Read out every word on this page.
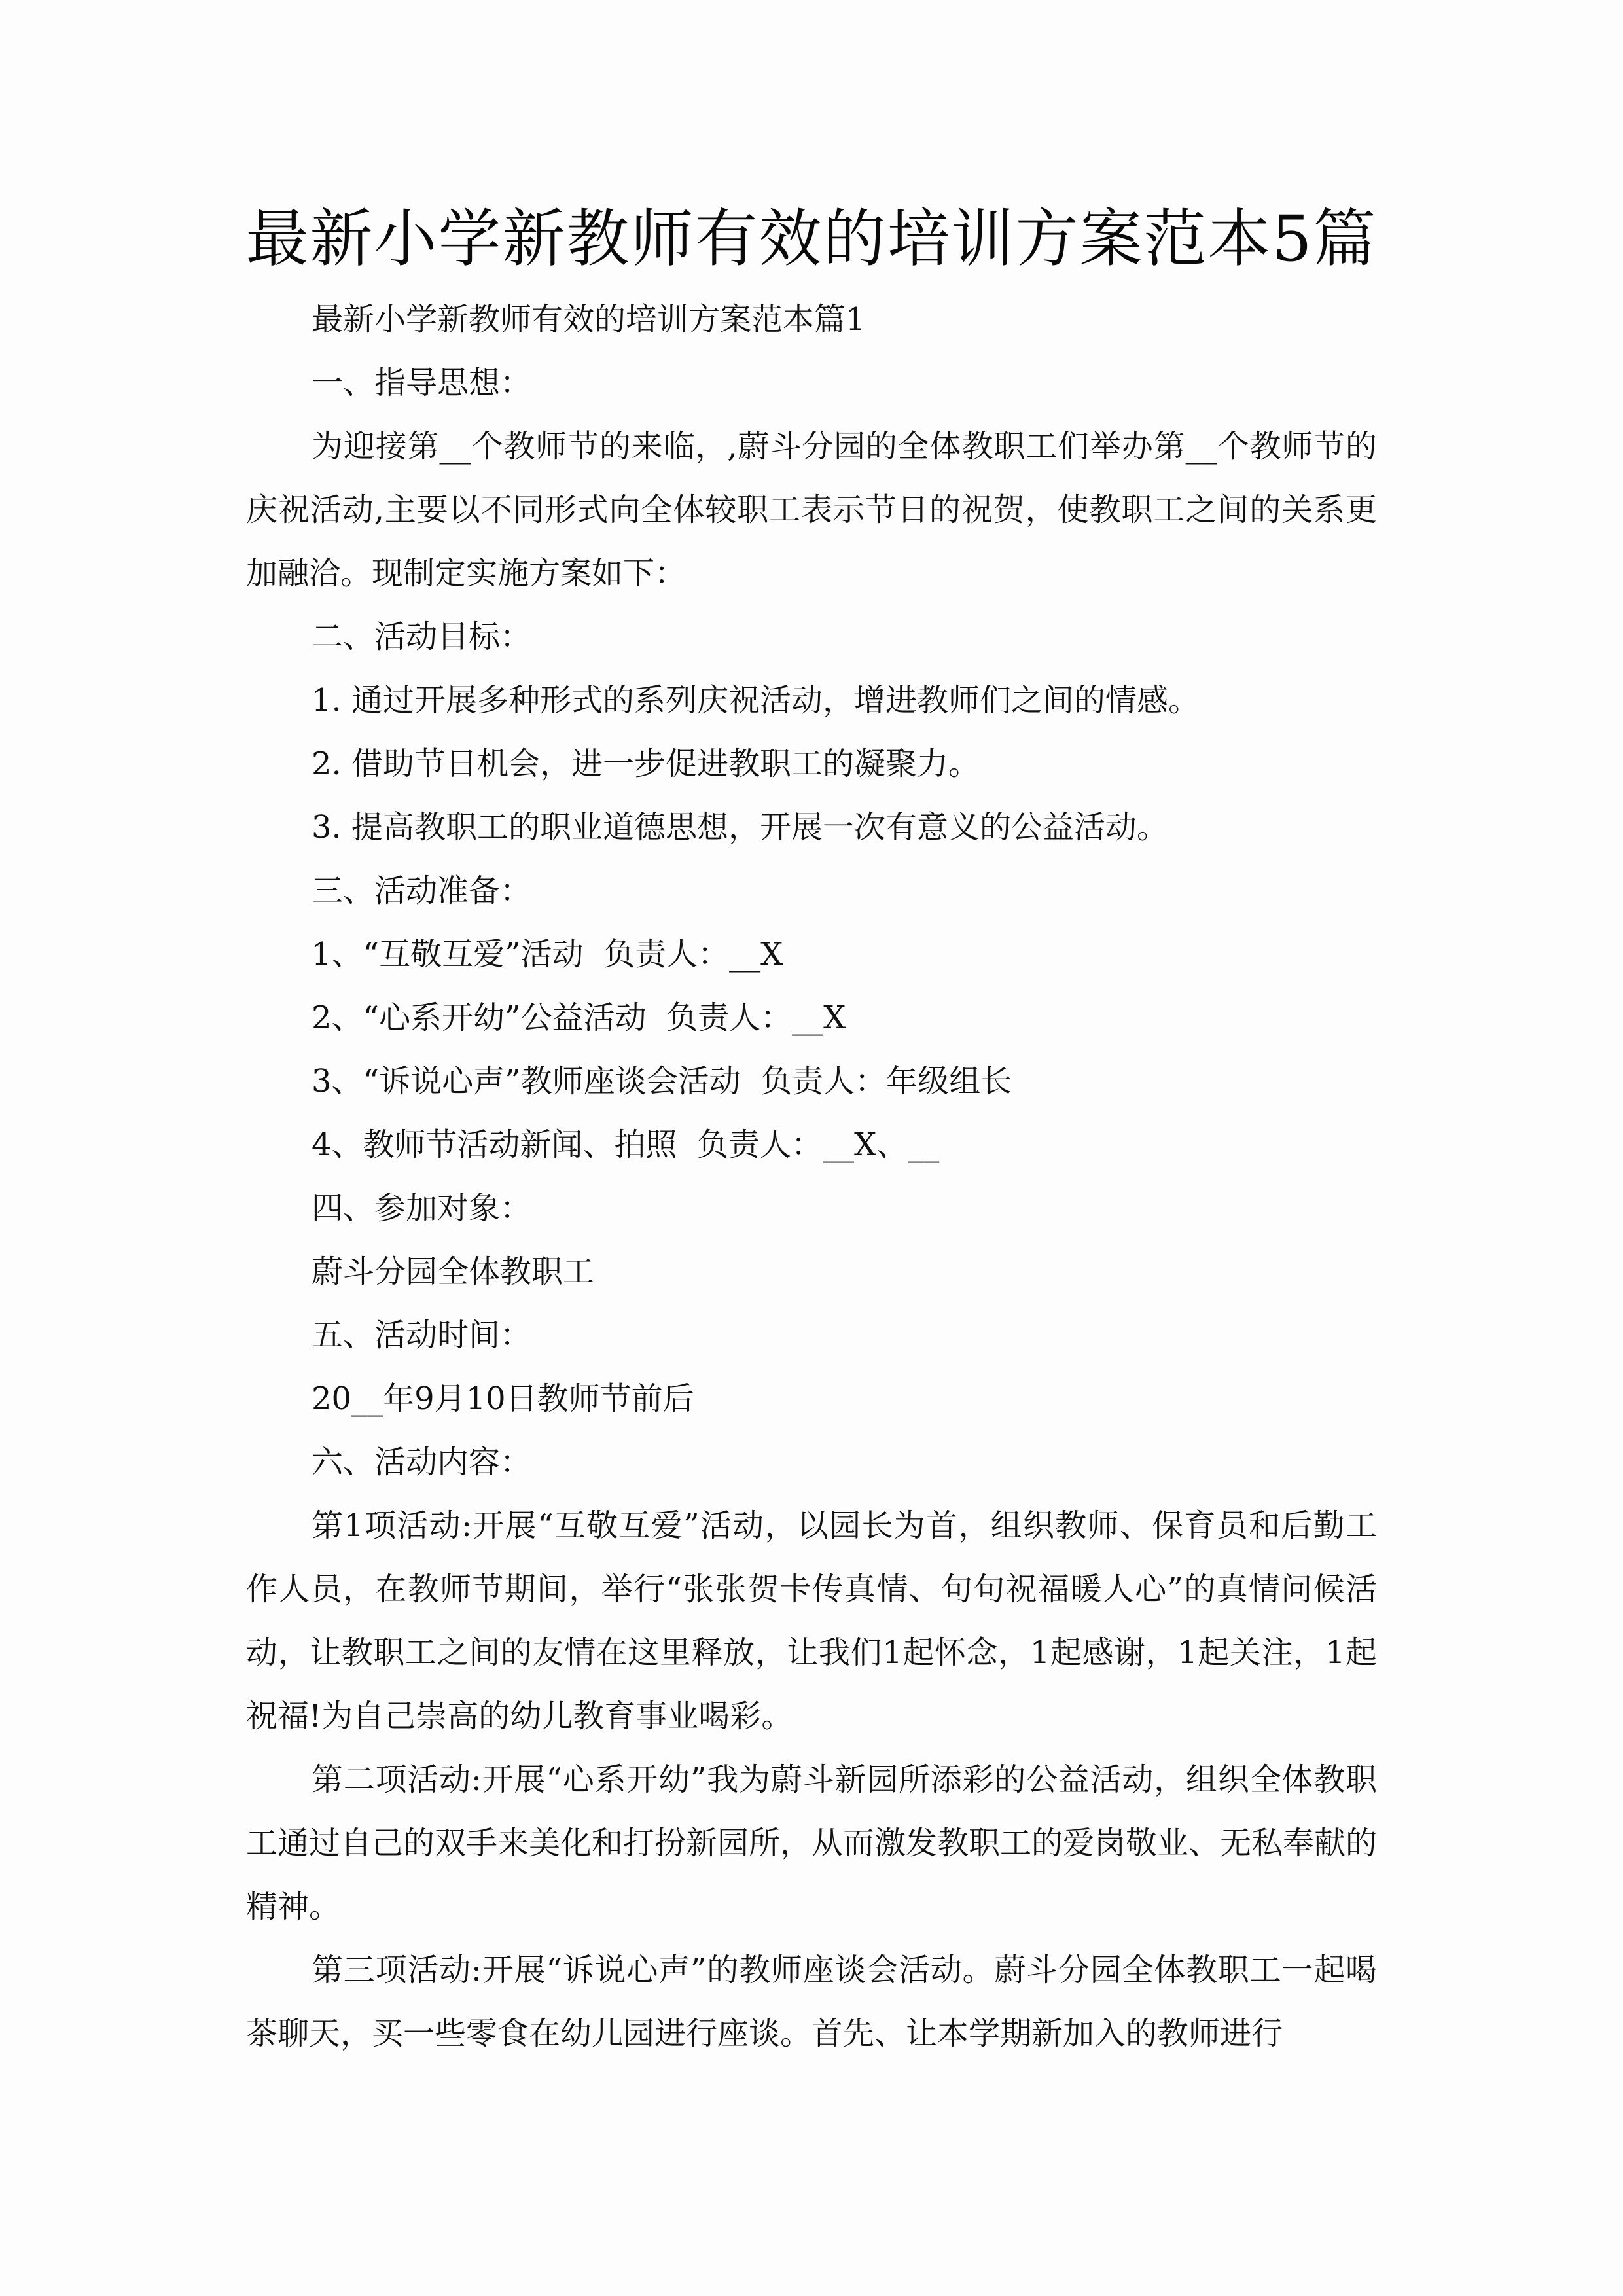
最新小学新教师有效的培训方案范本5篇

最新小学新教师有效的培训方案范本篇1

一、指导思想：

为迎接第__个教师节的来临，,蔚斗分园的全体教职工们举办第__个教师节的庆祝活动,主要以不同形式向全体较职工表示节日的祝贺，使教职工之间的关系更加融洽。现制定实施方案如下：

二、活动目标：

1. 通过开展多种形式的系列庆祝活动，增进教师们之间的情感。

2. 借助节日机会，进一步促进教职工的凝聚力。

3. 提高教职工的职业道德思想，开展一次有意义的公益活动。

三、活动准备：

1、“互敬互爱”活动  负责人：__X

2、“心系开幼”公益活动  负责人：__X

3、“诉说心声”教师座谈会活动  负责人：年级组长

4、教师节活动新闻、拍照  负责人：__X、__

四、参加对象：

蔚斗分园全体教职工

五、活动时间：

20__年9月10日教师节前后

六、活动内容：

第1项活动:开展“互敬互爱”活动，以园长为首，组织教师、保育员和后勤工作人员，在教师节期间，举行“张张贺卡传真情、句句祝福暖人心”的真情问候活动，让教职工之间的友情在这里释放，让我们1起怀念，1起感谢，1起关注，1起祝福!为自己崇高的幼儿教育事业喝彩。

第二项活动:开展“心系开幼”我为蔚斗新园所添彩的公益活动，组织全体教职工通过自己的双手来美化和打扮新园所，从而激发教职工的爱岗敬业、无私奉献的精神。

第三项活动:开展“诉说心声”的教师座谈会活动。蔚斗分园全体教职工一起喝茶聊天，买一些零食在幼儿园进行座谈。首先、让本学期新加入的教师进行
